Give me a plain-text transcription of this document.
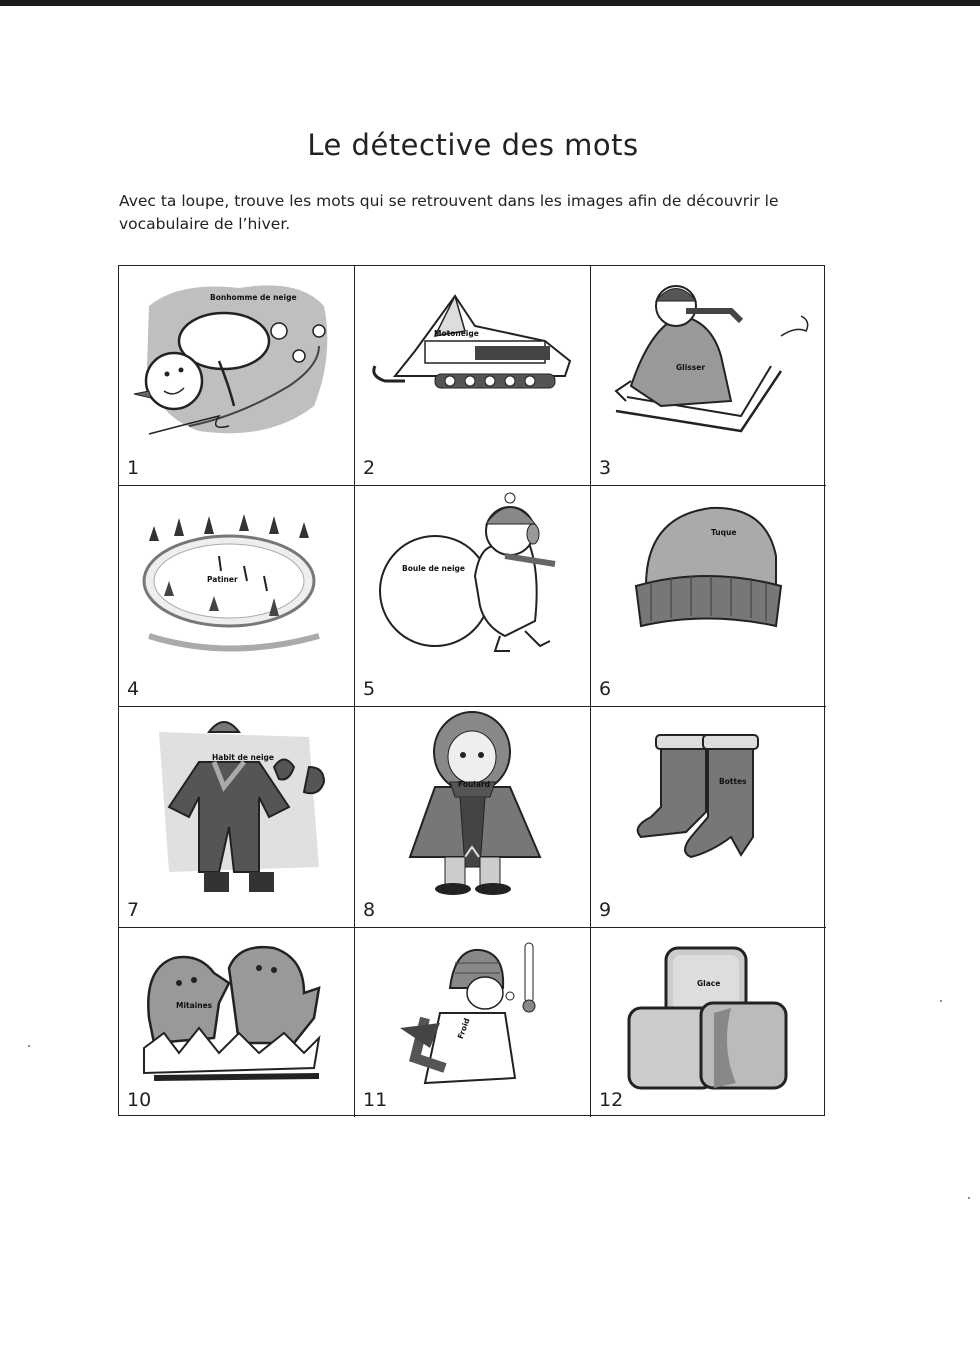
Le détective des mots
Avec ta loupe, trouve les mots qui se retrouvent dans les images afin de découvrir le vocabulaire de l’hiver.
Bonhomme de neige
1
Motoneige
2
Glisser
3
Patiner
4
Boule de neige
5
Tuque
6
Habit de neige
7
Foulard
8
Bottes
9
Mitaines
10
Froid
11
Glace
12
